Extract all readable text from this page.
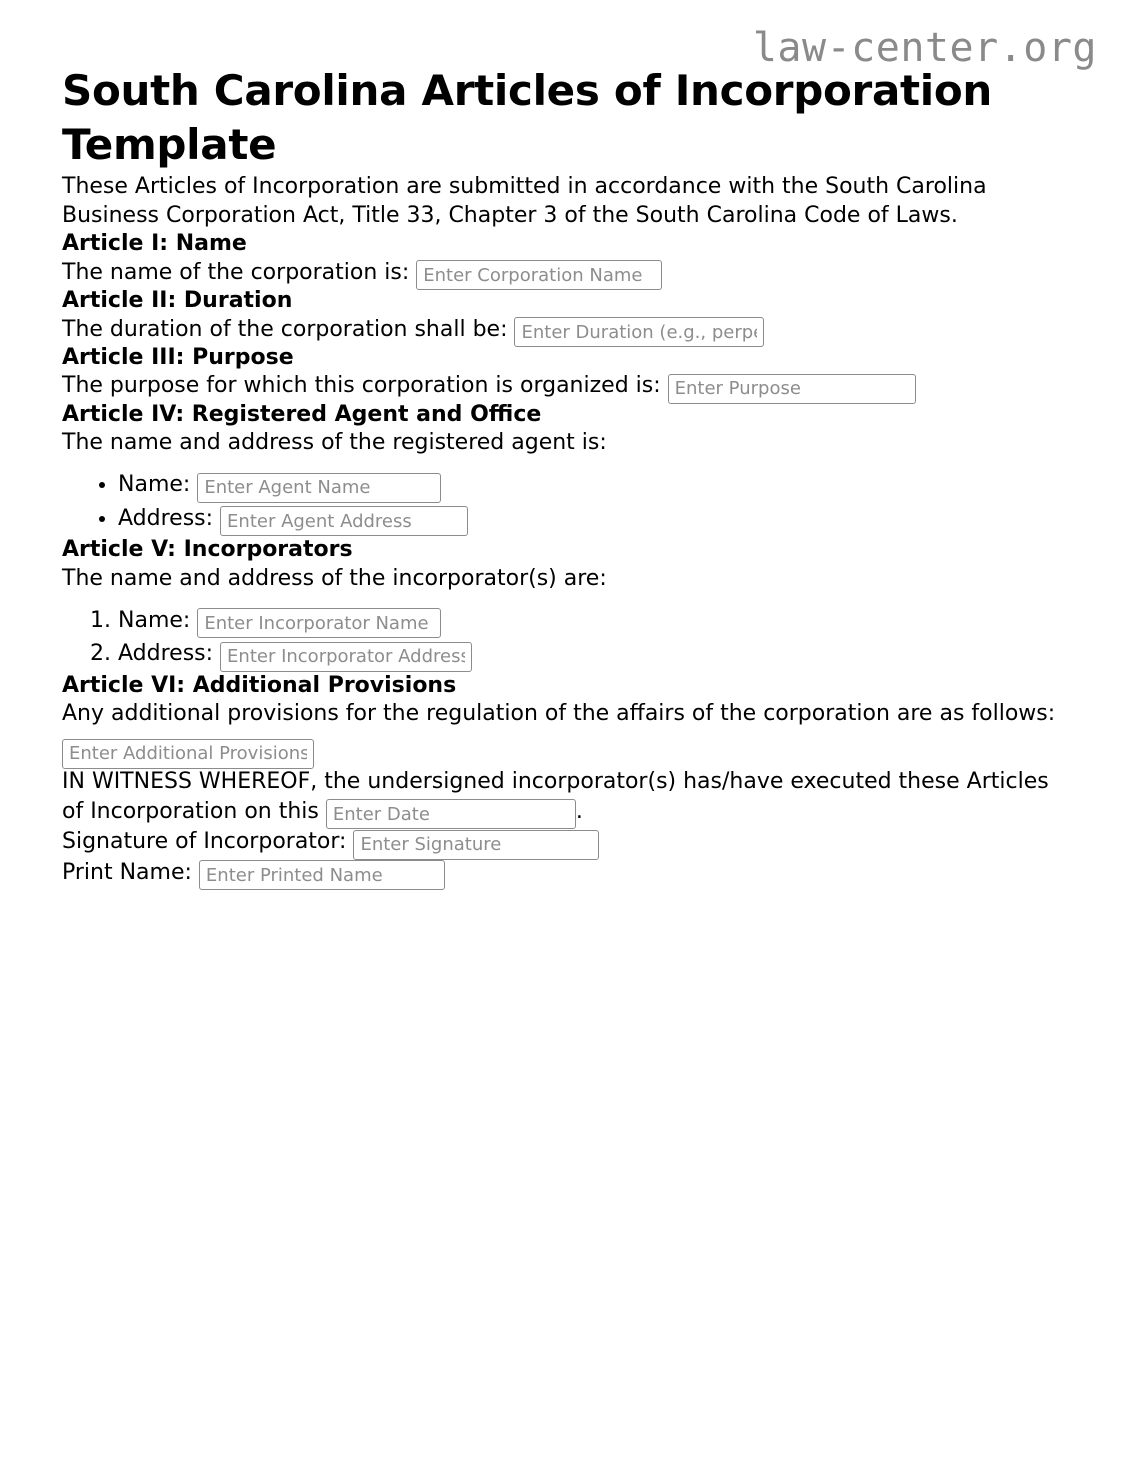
law-center.org
South Carolina Articles of Incorporation Template

These Articles of Incorporation are submitted in accordance with the South Carolina Business Corporation Act, Title 33, Chapter 3 of the South Carolina Code of Laws.

Article I: Name

The name of the corporation is: Enter Corporation Name

Article II: Duration

The duration of the corporation shall be: Enter Duration (e.g., perpetual)

Article III: Purpose

The purpose for which this corporation is organized is: Enter Purpose

Article IV: Registered Agent and Office

The name and address of the registered agent is:

• Name: Enter Agent Name
• Address: Enter Agent Address
Article V: Incorporators

The name and address of the incorporator(s) are:

1. Name: Enter Incorporator Name
2. Address: Enter Incorporator Address
Article VI: Additional Provisions

Any additional provisions for the regulation of the affairs of the corporation are as follows:

Enter Additional Provisions

IN WITNESS WHEREOF, the undersigned incorporator(s) has/have executed these Articles of Incorporation on this Enter Date	.

Signature of Incorporator: Enter Signature

Print Name: Enter Printed Name
